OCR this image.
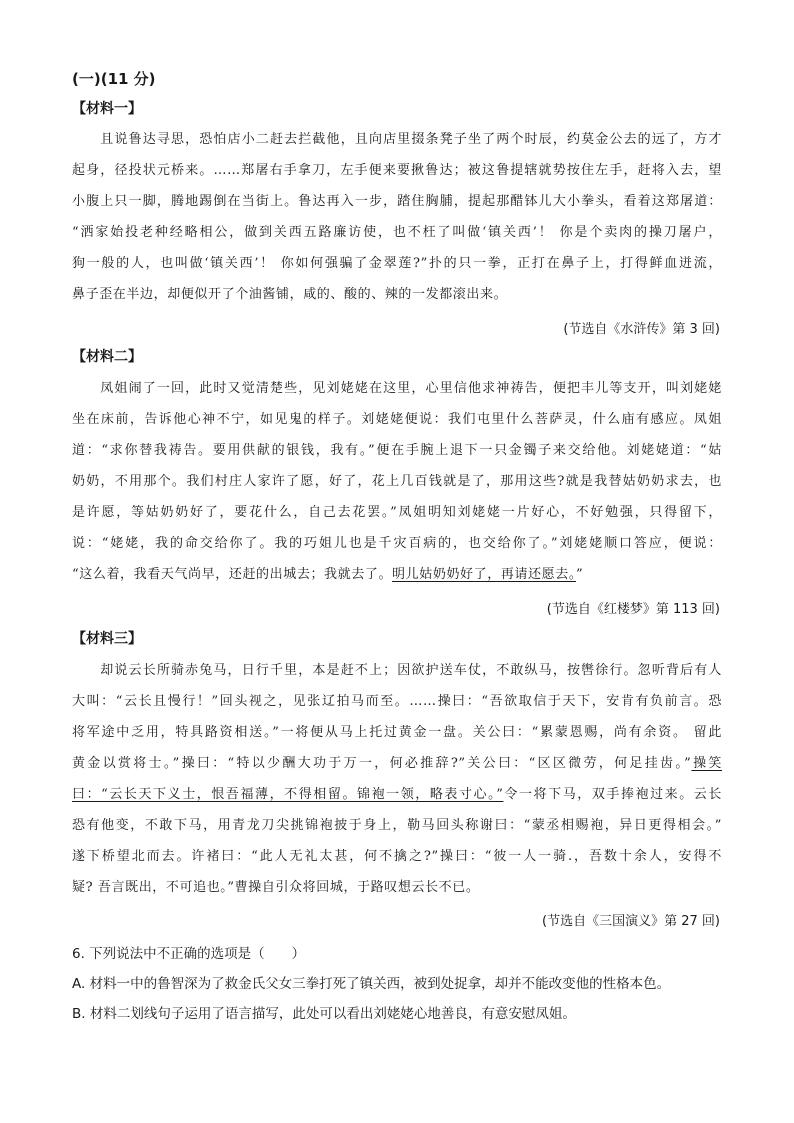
(一)(11 分)
【材料一】
　　且说鲁达寻思，恐怕店小二赶去拦截他，且向店里掇条凳子坐了两个时辰，约莫金公去的远了，方才
起身，径投状元桥来。……郑屠右手拿刀，左手便来要揪鲁达；被这鲁提辖就势按住左手，赶将入去，望
小腹上只一脚，腾地踢倒在当街上。鲁达再入一步，踏住胸脯，提起那醋钵儿大小拳头，看着这郑屠道：
“洒家始投老种经略相公，做到关西五路廉访使，也不枉了叫做‘镇关西’！ 你是个卖肉的操刀屠户，
狗一般的人，也叫做‘镇关西’！ 你如何强骗了金翠莲?”扑的只一拳，正打在鼻子上，打得鲜血迸流，
鼻子歪在半边，却便似开了个油酱铺，咸的、酸的、辣的一发都滚出来。
(节选自《水浒传》第 3 回)
【材料二】
　　凤姐闹了一回，此时又觉清楚些，见刘姥姥在这里，心里信他求神祷告，便把丰儿等支开，叫刘姥姥
坐在床前，告诉他心神不宁，如见鬼的样子。刘姥姥便说：我们屯里什么菩萨灵，什么庙有感应。凤姐
道：“求你替我祷告。要用供献的银钱，我有。”便在手腕上退下一只金镯子来交给他。刘姥姥道：“姑
奶奶，不用那个。我们村庄人家许了愿，好了，花上几百钱就是了，那用这些?就是我替姑奶奶求去，也
是许愿，等姑奶奶好了，要花什么，自己去花罢。”凤姐明知刘姥姥一片好心，不好勉强，只得留下，
说：“姥姥，我的命交给你了。我的巧姐儿也是千灾百病的，也交给你了。”刘姥姥顺口答应，便说：
“这么着，我看天气尚早，还赶的出城去；我就去了。明儿姑奶奶好了，再请还愿去。”
(节选自《红楼梦》第 113 回)
【材料三】
　　却说云长所骑赤兔马，日行千里，本是赶不上；因欲护送车仗，不敢纵马，按辔徐行。忽听背后有人
大叫：“云长且慢行！”回头视之，见张辽拍马而至。……操曰：“吾欲取信于天下，安肯有负前言。恐
将军途中乏用，特具路资相送。”一将便从马上托过黄金一盘。关公曰：“累蒙恩赐，尚有余资。 留此
黄金以赏将士。”操曰：“特以少酬大功于万一，何必推辞?”关公曰：“区区微劳，何足挂齿。”操笑
曰：“云长天下义士，恨吾福薄，不得相留。锦袍一领，略表寸心。”令一将下马，双手捧袍过来。云长
恐有他变，不敢下马，用青龙刀尖挑锦袍披于身上，勒马回头称谢曰：“蒙丞相赐袍，异日更得相会。”
遂下桥望北而去。许褚曰：“此人无礼太甚，何不擒之?”操曰：“彼一人一骑.，吾数十余人，安得不
疑? 吾言既出，不可追也。”曹操自引众将回城，于路叹想云长不已。
(节选自《三国演义》第 27 回)
6. 下列说法中不正确的选项是（　　）
A. 材料一中的鲁智深为了救金氏父女三拳打死了镇关西，被到处捉拿，却并不能改变他的性格本色。
B. 材料二划线句子运用了语言描写，此处可以看出刘姥姥心地善良，有意安慰凤姐。
